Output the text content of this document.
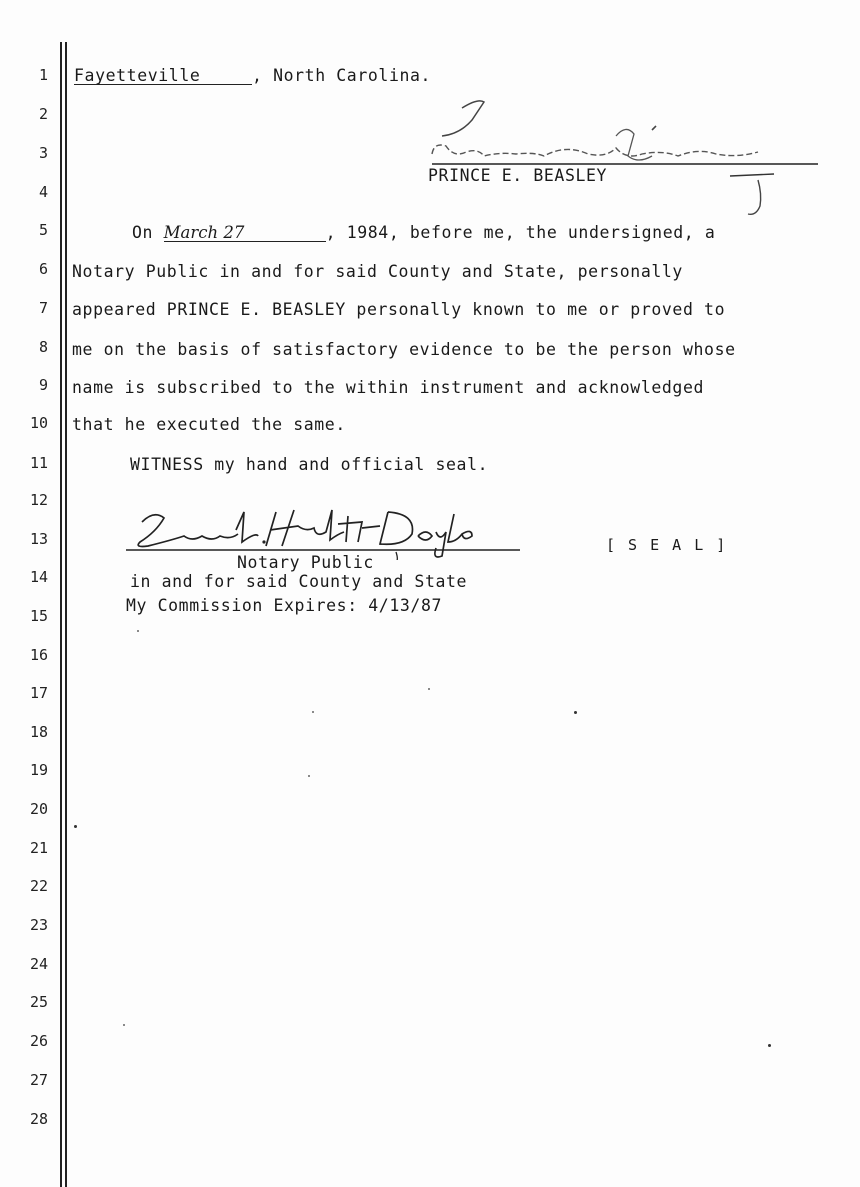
1
2
3
4
5
6
7
8
9
10
11
12
13
14
15
16
17
18
19
20
21
22
23
24
25
26
27
28
Fayetteville	, North Carolina.
PRINCE E. BEASLEY
On March 27	, 1984, before me, the undersigned, a
Notary Public in and for said County and State, personally
appeared PRINCE E. BEASLEY personally known to me or proved to
me on the basis of satisfactory evidence to be the person whose
name is subscribed to the within instrument and acknowledged
that he executed the same.
WITNESS my hand and official seal.
[ S E A L ]
Notary Public
in and for said County and State
My Commission Expires: 4/13/87
